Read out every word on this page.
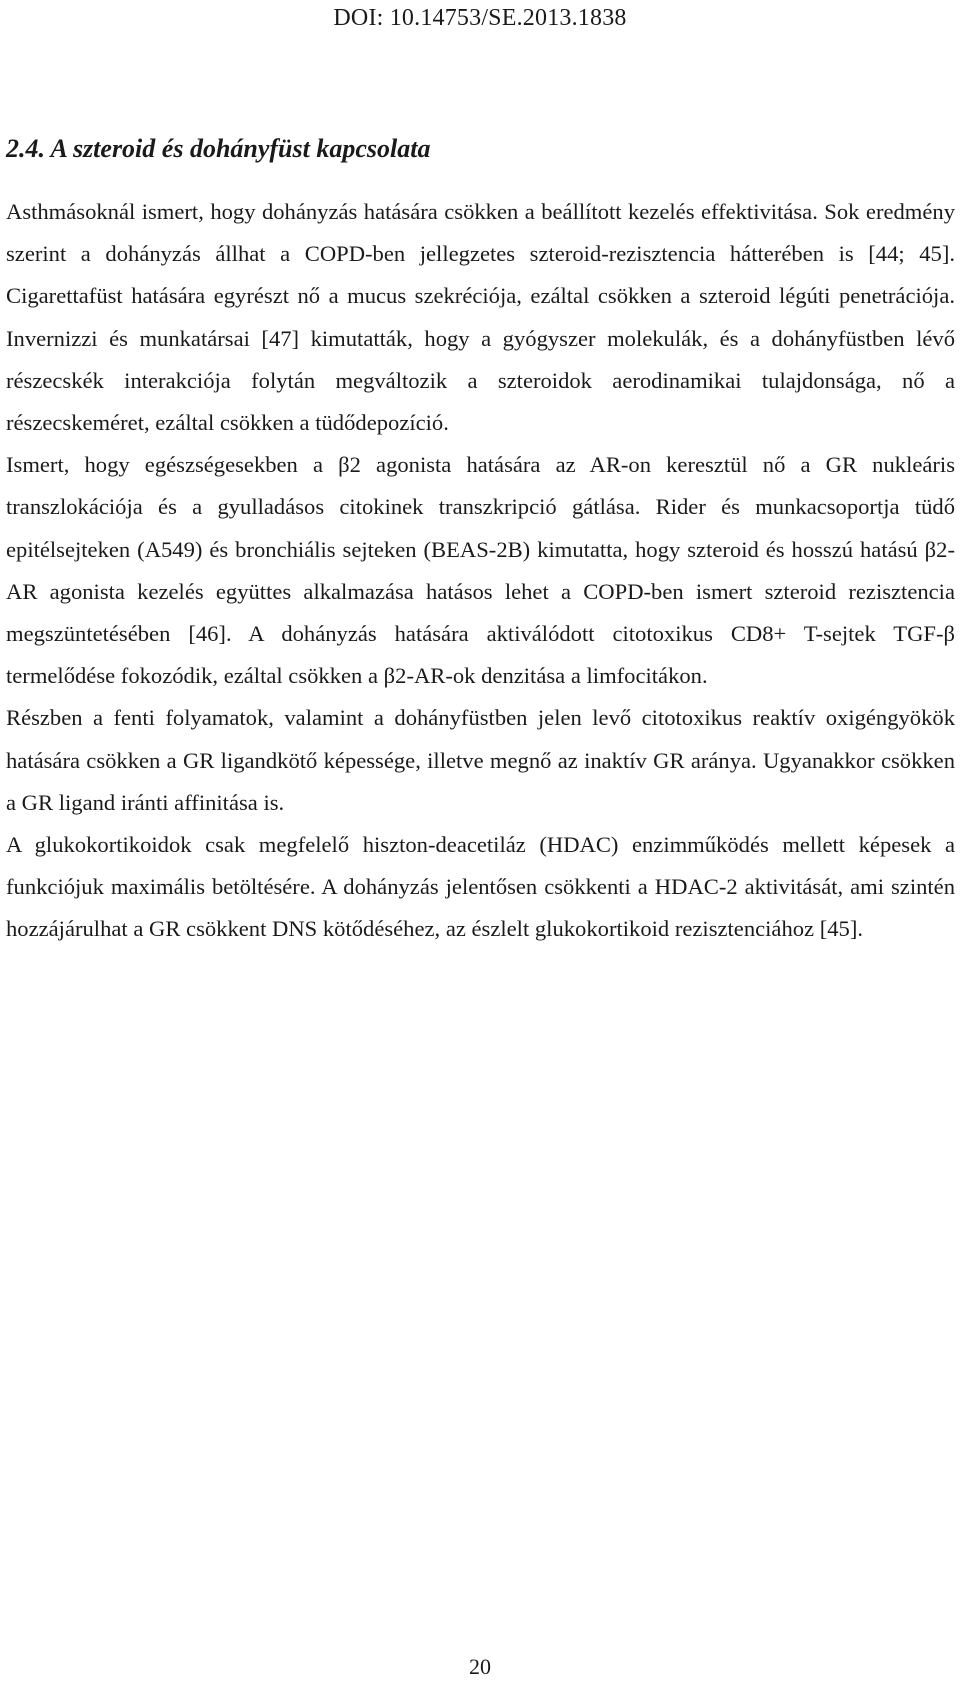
DOI: 10.14753/SE.2013.1838
2.4. A szteroid és dohányfüst kapcsolata

Asthmásoknál ismert, hogy dohányzás hatására csökken a beállított kezelés effektivitása. Sok eredmény szerint a dohányzás állhat a COPD-ben jellegzetes szteroid-rezisztencia hátterében is [44; 45]. Cigarettafüst hatására egyrészt nő a mucus szekréciója, ezáltal csökken a szteroid légúti penetrációja. Invernizzi és munkatársai [47] kimutatták, hogy a gyógyszer molekulák, és a dohányfüstben lévő részecskék interakciója folytán megváltozik a szteroidok aerodinamikai tulajdonsága, nő a részecskeméret, ezáltal csökken a tüdődepozíció.

Ismert, hogy egészségesekben a β2 agonista hatására az AR-on keresztül nő a GR nukleáris transzlokációja és a gyulladásos citokinek transzkripció gátlása. Rider és munkacsoportja tüdő epitélsejteken (A549) és bronchiális sejteken (BEAS-2B) kimutatta, hogy szteroid és hosszú hatású β2-AR agonista kezelés együttes alkalmazása hatásos lehet a COPD-ben ismert szteroid rezisztencia megszüntetésében [46]. A dohányzás hatására aktiválódott citotoxikus CD8+ T-sejtek TGF-β termelődése fokozódik, ezáltal csökken a β2-AR-ok denzitása a limfocitákon.

Részben a fenti folyamatok, valamint a dohányfüstben jelen levő citotoxikus reaktív oxigéngyökök hatására csökken a GR ligandkötő képessége, illetve megnő az inaktív GR aránya. Ugyanakkor csökken a GR ligand iránti affinitása is.

A glukokortikoidok csak megfelelő hiszton-deacetiláz (HDAC) enzimműködés mellett képesek a funkciójuk maximális betöltésére. A dohányzás jelentősen csökkenti a HDAC-2 aktivitását, ami szintén hozzájárulhat a GR csökkent DNS kötődéséhez, az észlelt glukokortikoid rezisztenciához [45].

20
